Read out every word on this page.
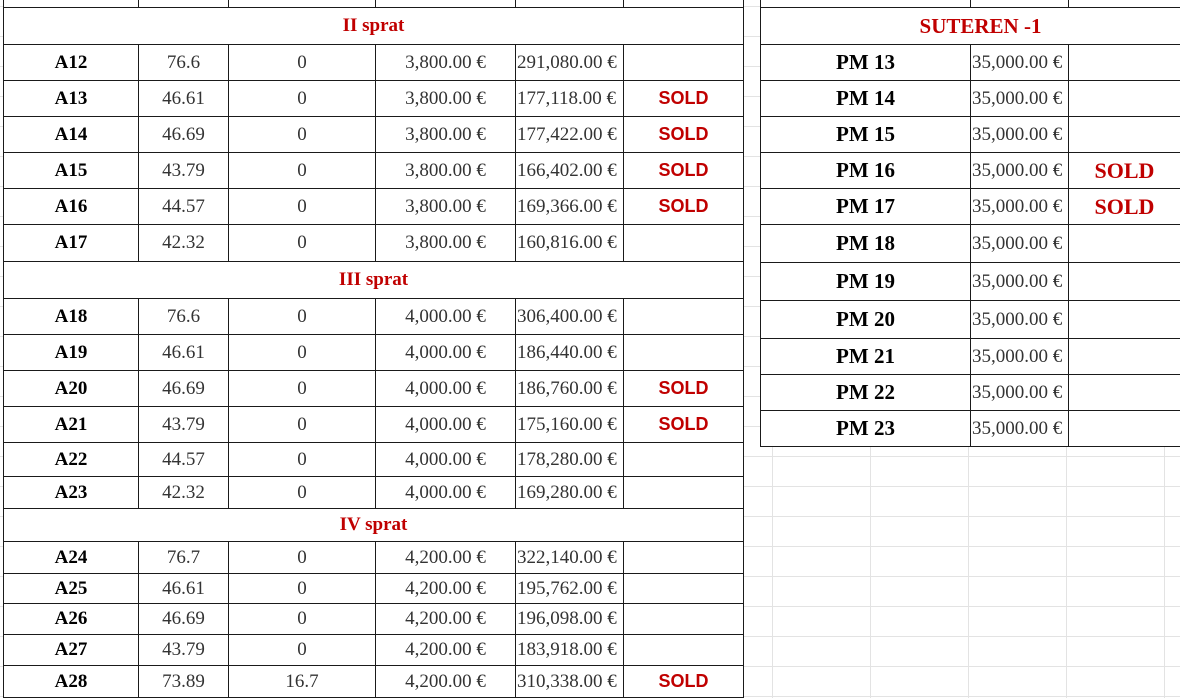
II sprat					
A12	76.6	0	3,800.00 €	291,080.00 €	
A13	46.61	0	3,800.00 €	177,118.00 €	SOLD
A14	46.69	0	3,800.00 €	177,422.00 €	SOLD
A15	43.79	0	3,800.00 €	166,402.00 €	SOLD
A16	44.57	0	3,800.00 €	169,366.00 €	SOLD
A17	42.32	0	3,800.00 €	160,816.00 €	
III sprat					
A18	76.6	0	4,000.00 €	306,400.00 €	
A19	46.61	0	4,000.00 €	186,440.00 €	
A20	46.69	0	4,000.00 €	186,760.00 €	SOLD
A21	43.79	0	4,000.00 €	175,160.00 €	SOLD
A22	44.57	0	4,000.00 €	178,280.00 €	
A23	42.32	0	4,000.00 €	169,280.00 €	
IV sprat					
A24	76.7	0	4,200.00 €	322,140.00 €	
A25	46.61	0	4,200.00 €	195,762.00 €	
A26	46.69	0	4,200.00 €	196,098.00 €	
A27	43.79	0	4,200.00 €	183,918.00 €	
A28	73.89	16.7	4,200.00 €	310,338.00 €	SOLD

SUTEREN -1			
PM 13	35,000.00 €		
PM 14	35,000.00 €		
PM 15	35,000.00 €		
PM 16	35,000.00 €	SOLD	
PM 17	35,000.00 €	SOLD	
PM 18	35,000.00 €		
PM 19	35,000.00 €		
PM 20	35,000.00 €		
PM 21	35,000.00 €		
PM 22	35,000.00 €		
PM 23	35,000.00 €		
